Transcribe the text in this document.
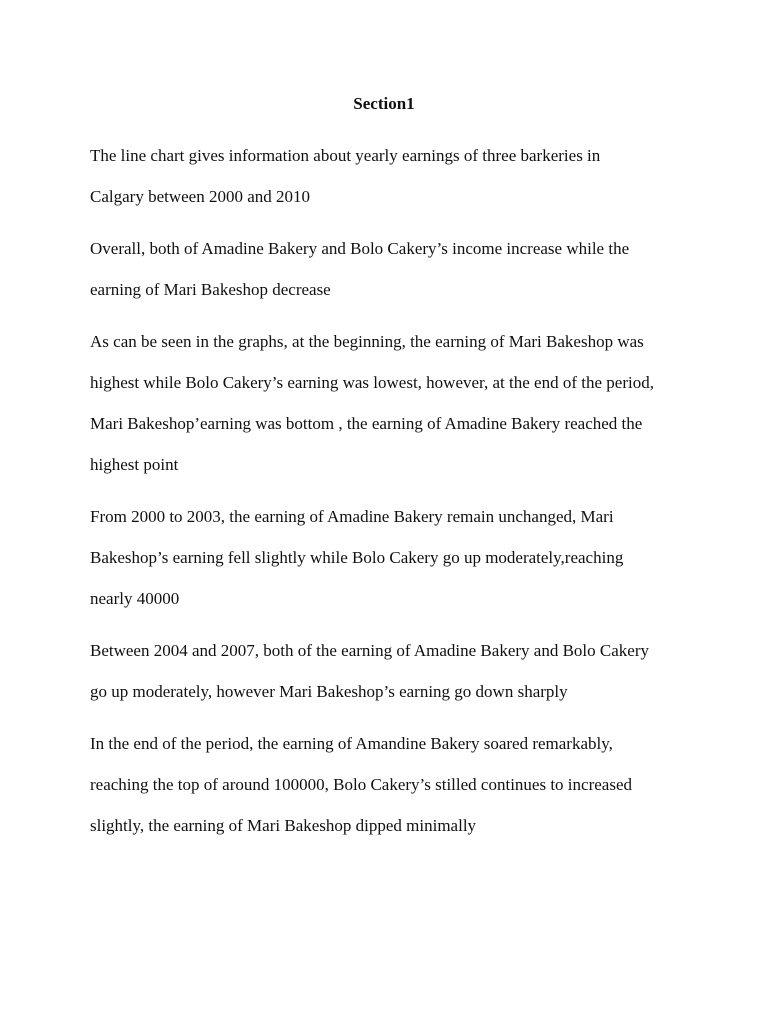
Section1

The line chart gives information about yearly earnings of three barkeries in
Calgary between 2000 and 2010

Overall, both of Amadine Bakery and Bolo Cakery’s income increase while the
earning of Mari Bakeshop decrease

As can be seen in the graphs, at the beginning, the earning of Mari Bakeshop was
highest while Bolo Cakery’s earning was lowest, however, at the end of the period,
Mari Bakeshop’earning was bottom , the earning of Amadine Bakery reached the
highest point

From 2000 to 2003, the earning of Amadine Bakery remain unchanged, Mari
Bakeshop’s earning fell slightly while Bolo Cakery go up moderately,reaching
nearly 40000

Between 2004 and 2007, both of the earning of Amadine Bakery and Bolo Cakery
go up moderately, however Mari Bakeshop’s earning go down sharply

In the end of the period, the earning of Amandine Bakery soared remarkably,
reaching the top of around 100000, Bolo Cakery’s stilled continues to increased
slightly, the earning of Mari Bakeshop dipped minimally
